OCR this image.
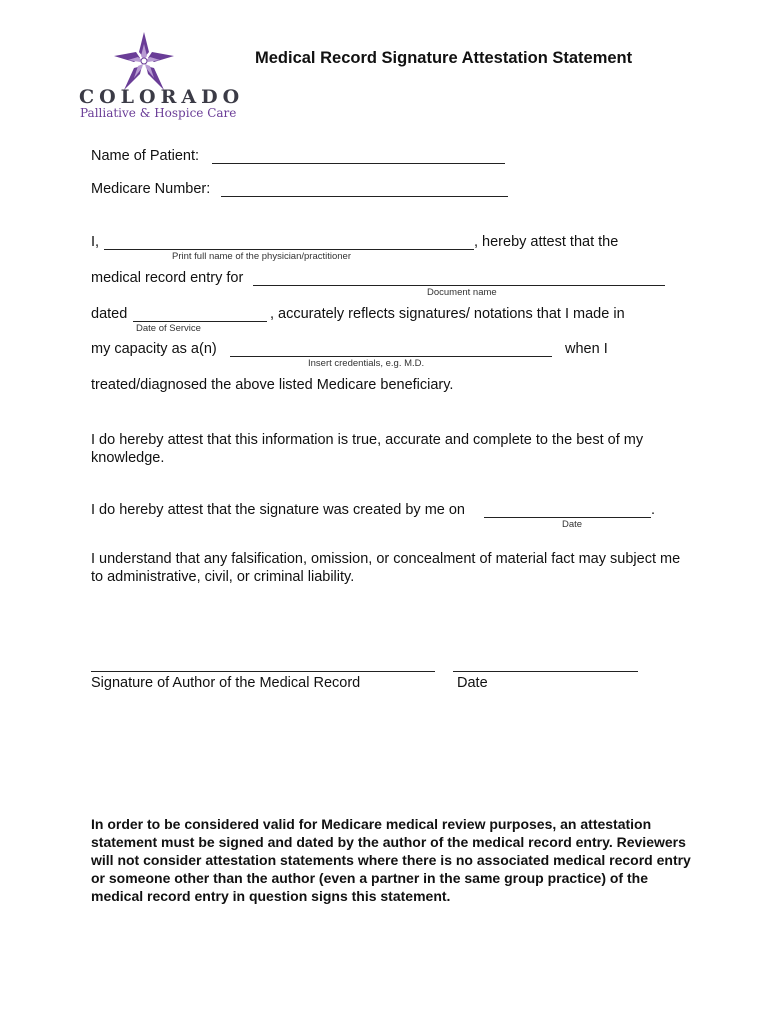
COLORADO
Palliative & Hospice Care
Medical Record Signature Attestation Statement
Name of Patient:
Medicare Number:
I,	, hereby attest that the
Print full name of the physician/practitioner
medical record entry for
Document name
dated	, accurately reflects signatures/ notations that I made in
Date of Service
my capacity as a(n)	when I
Insert credentials, e.g. M.D.
treated/diagnosed the above listed Medicare beneficiary.
I do hereby attest that this information is true, accurate and complete to the best of my knowledge.
I do hereby attest that the signature was created by me on	.
Date
I understand that any falsification, omission, or concealment of material fact may subject me to administrative, civil, or criminal liability.
Signature of Author of the Medical Record	Date
In order to be considered valid for Medicare medical review purposes, an attestation statement must be signed and dated by the author of the medical record entry. Reviewers will not consider attestation statements where there is no associated medical record entry or someone other than the author (even a partner in the same group practice) of the medical record entry in question signs this statement.
